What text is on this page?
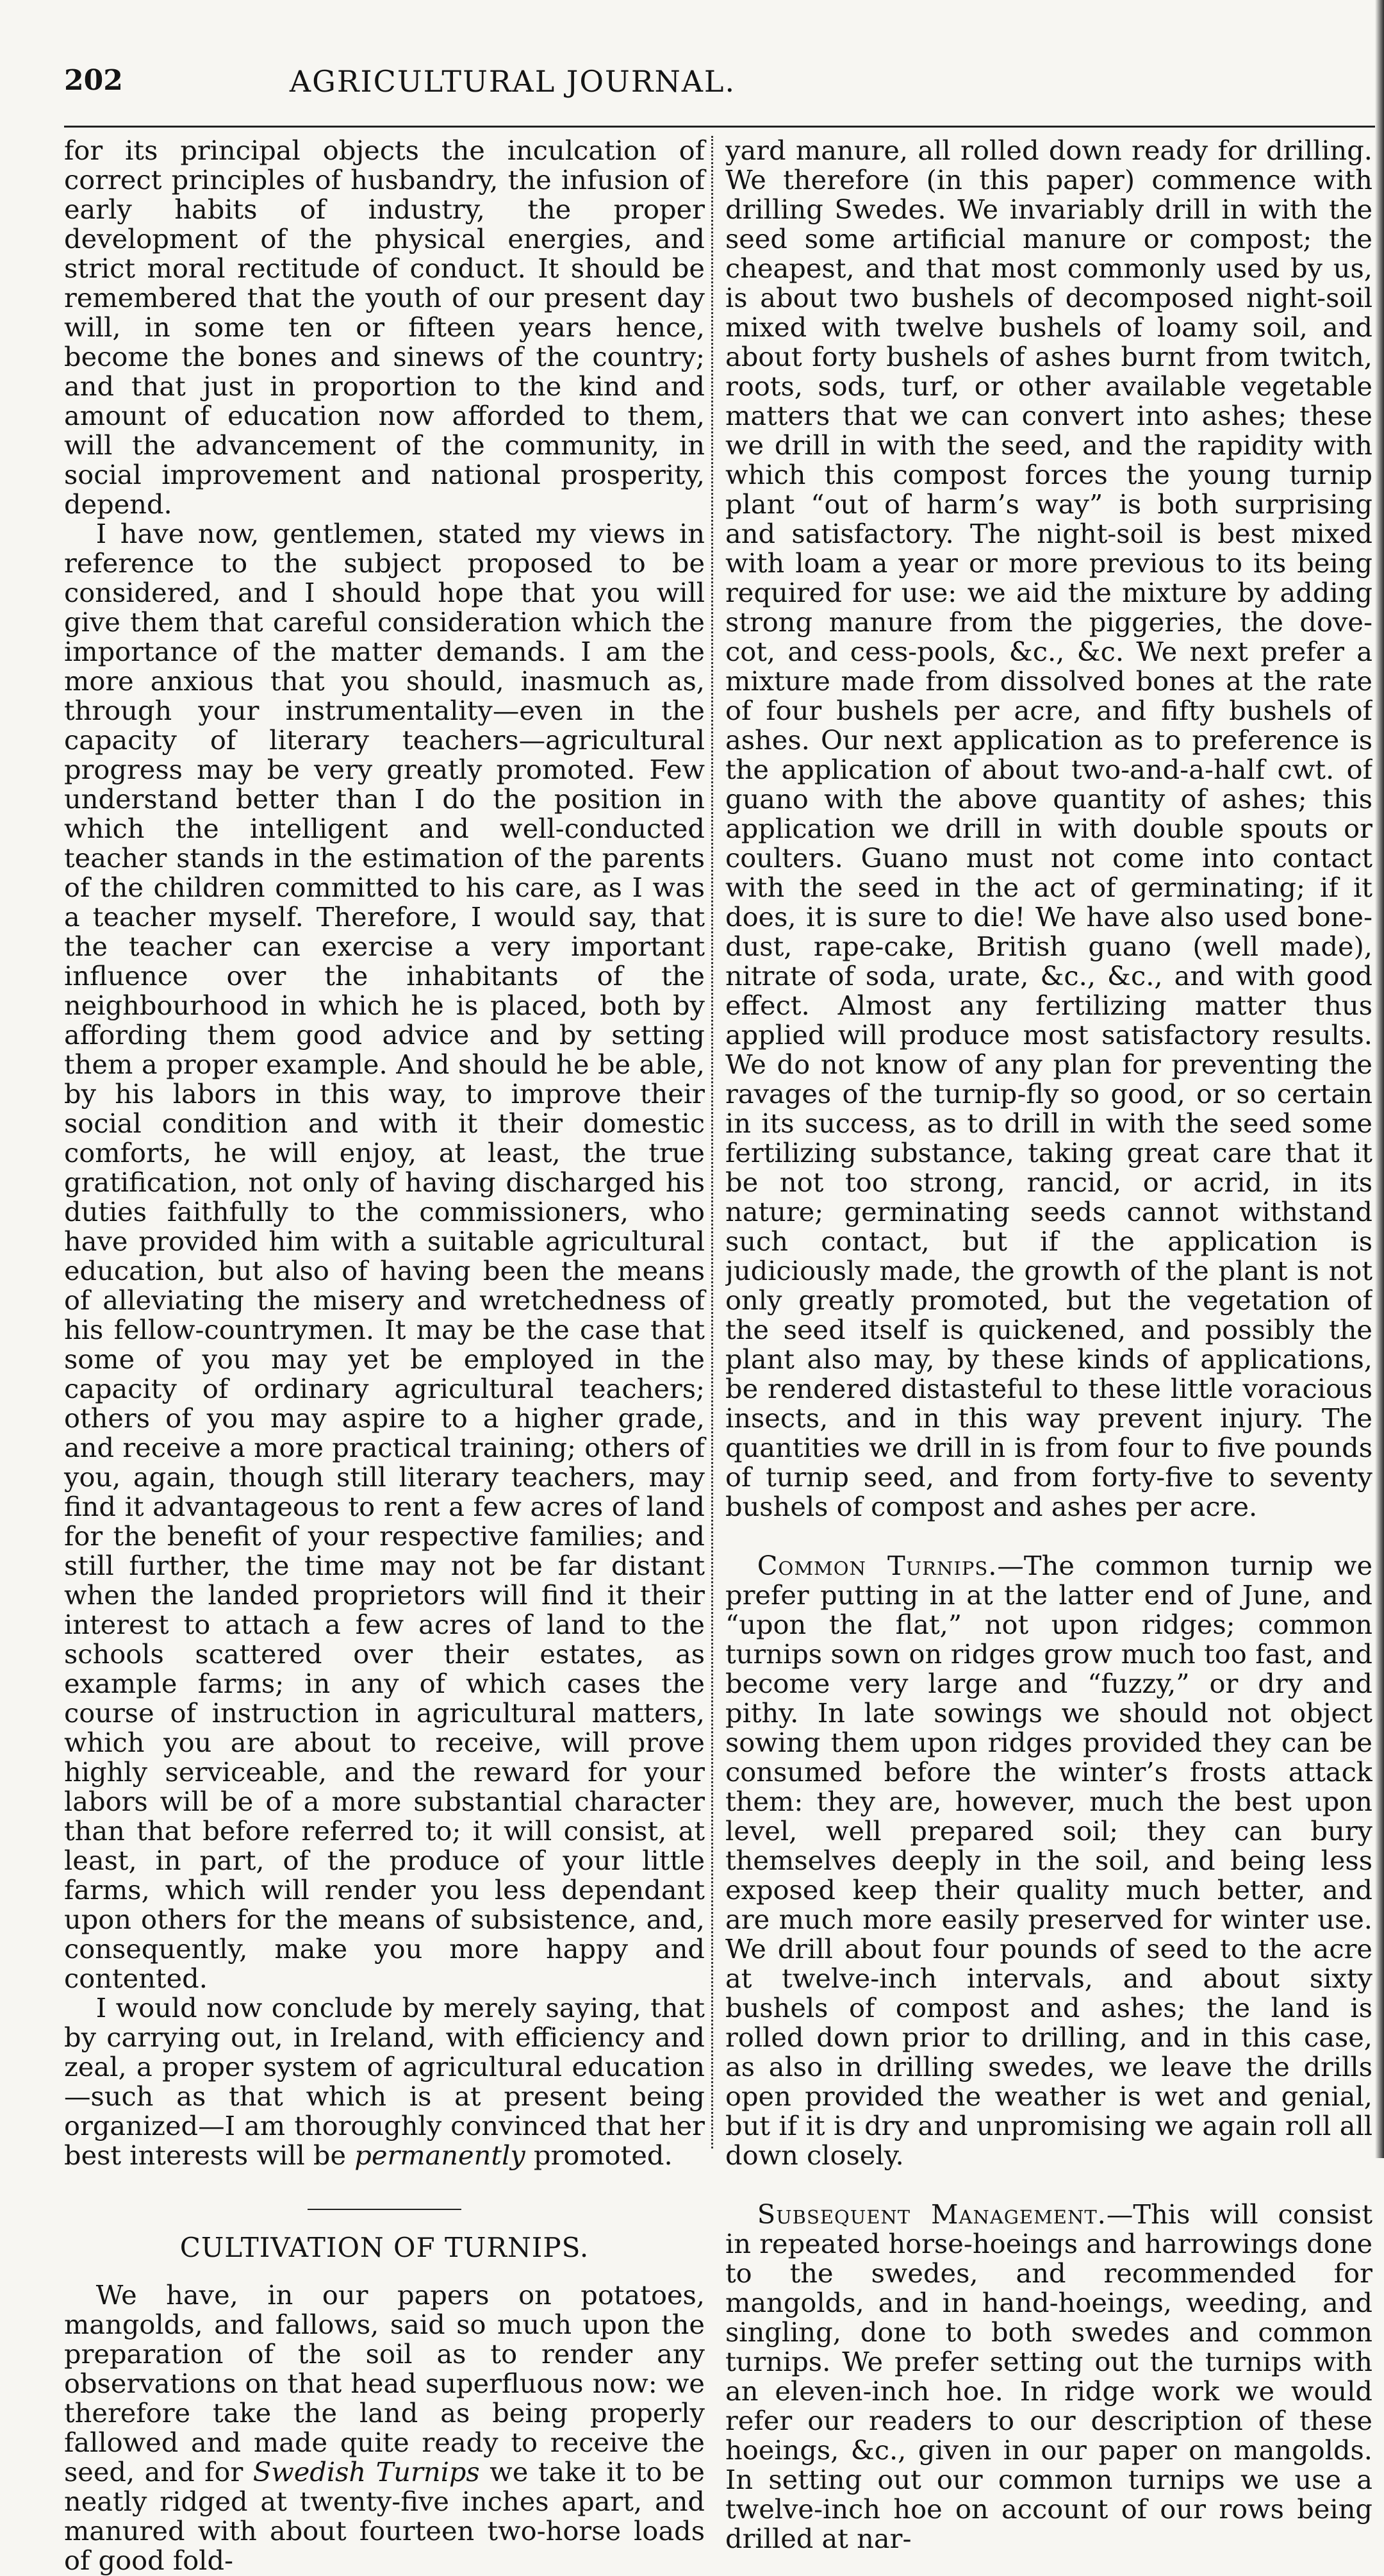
202	AGRICULTURAL JOURNAL.

for its principal objects the inculcation of correct principles of husbandry, the infusion of early habits of industry, the proper development of the physical energies, and strict moral rectitude of conduct. It should be remembered that the youth of our present day will, in some ten or fifteen years hence, become the bones and sinews of the country; and that just in proportion to the kind and amount of education now afforded to them, will the advancement of the community, in social improvement and national prosperity, depend.

I have now, gentlemen, stated my views in reference to the subject proposed to be considered, and I should hope that you will give them that careful consideration which the importance of the matter demands. I am the more anxious that you should, inasmuch as, through your instrumentality—even in the capacity of literary teachers—agricultural progress may be very greatly promoted. Few understand better than I do the position in which the intelligent and well-conducted teacher stands in the estimation of the parents of the children committed to his care, as I was a teacher myself. Therefore, I would say, that the teacher can exercise a very important influence over the inhabitants of the neighbourhood in which he is placed, both by affording them good advice and by setting them a proper example. And should he be able, by his labors in this way, to improve their social condition and with it their domestic comforts, he will enjoy, at least, the true gratification, not only of having discharged his duties faithfully to the commissioners, who have provided him with a suitable agricultural education, but also of having been the means of alleviating the misery and wretchedness of his fellow-countrymen. It may be the case that some of you may yet be employed in the capacity of ordinary agricultural teachers; others of you may aspire to a higher grade, and receive a more practical training; others of you, again, though still literary teachers, may find it advantageous to rent a few acres of land for the benefit of your respective families; and still further, the time may not be far distant when the landed proprietors will find it their interest to attach a few acres of land to the schools scattered over their estates, as example farms; in any of which cases the course of instruction in agricultural matters, which you are about to receive, will prove highly serviceable, and the reward for your labors will be of a more substantial character than that before referred to; it will consist, at least, in part, of the produce of your little farms, which will render you less dependant upon others for the means of subsistence, and, consequently, make you more happy and contented.

I would now conclude by merely saying, that by carrying out, in Ireland, with efficiency and zeal, a proper system of agricultural education—such as that which is at present being organized—I am thoroughly convinced that her best interests will be permanently promoted.

CULTIVATION OF TURNIPS.

We have, in our papers on potatoes, mangolds, and fallows, said so much upon the preparation of the soil as to render any observations on that head superfluous now: we therefore take the land as being properly fallowed and made quite ready to receive the seed, and for Swedish Turnips we take it to be neatly ridged at twenty-five inches apart, and manured with about fourteen two-horse loads of good fold-

yard manure, all rolled down ready for drilling. We therefore (in this paper) commence with drilling Swedes. We invariably drill in with the seed some artificial manure or compost; the cheapest, and that most commonly used by us, is about two bushels of decomposed night-soil mixed with twelve bushels of loamy soil, and about forty bushels of ashes burnt from twitch, roots, sods, turf, or other available vegetable matters that we can convert into ashes; these we drill in with the seed, and the rapidity with which this compost forces the young turnip plant “out of harm’s way” is both surprising and satisfactory. The night-soil is best mixed with loam a year or more previous to its being required for use: we aid the mixture by adding strong manure from the piggeries, the dove-cot, and cess-pools, &c., &c. We next prefer a mixture made from dissolved bones at the rate of four bushels per acre, and fifty bushels of ashes. Our next application as to preference is the application of about two-and-a-half cwt. of guano with the above quantity of ashes; this application we drill in with double spouts or coulters. Guano must not come into contact with the seed in the act of germinating; if it does, it is sure to die! We have also used bone-dust, rape-cake, British guano (well made), nitrate of soda, urate, &c., &c., and with good effect. Almost any fertilizing matter thus applied will produce most satisfactory results. We do not know of any plan for preventing the ravages of the turnip-fly so good, or so certain in its success, as to drill in with the seed some fertilizing substance, taking great care that it be not too strong, rancid, or acrid, in its nature; germinating seeds cannot withstand such contact, but if the application is judiciously made, the growth of the plant is not only greatly promoted, but the vegetation of the seed itself is quickened, and possibly the plant also may, by these kinds of applications, be rendered distasteful to these little voracious insects, and in this way prevent injury. The quantities we drill in is from four to five pounds of turnip seed, and from forty-five to seventy bushels of compost and ashes per acre.

Common Turnips.—The common turnip we prefer putting in at the latter end of June, and “upon the flat,” not upon ridges; common turnips sown on ridges grow much too fast, and become very large and “fuzzy,” or dry and pithy. In late sowings we should not object sowing them upon ridges provided they can be consumed before the winter’s frosts attack them: they are, however, much the best upon level, well prepared soil; they can bury themselves deeply in the soil, and being less exposed keep their quality much better, and are much more easily preserved for winter use. We drill about four pounds of seed to the acre at twelve-inch intervals, and about sixty bushels of compost and ashes; the land is rolled down prior to drilling, and in this case, as also in drilling swedes, we leave the drills open provided the weather is wet and genial, but if it is dry and unpromising we again roll all down closely.

Subsequent Management.—This will consist in repeated horse-hoeings and harrowings done to the swedes, and recommended for mangolds, and in hand-hoeings, weeding, and singling, done to both swedes and common turnips. We prefer setting out the turnips with an eleven-inch hoe. In ridge work we would refer our readers to our description of these hoeings, &c., given in our paper on mangolds. In setting out our common turnips we use a twelve-inch hoe on account of our rows being drilled at nar-
